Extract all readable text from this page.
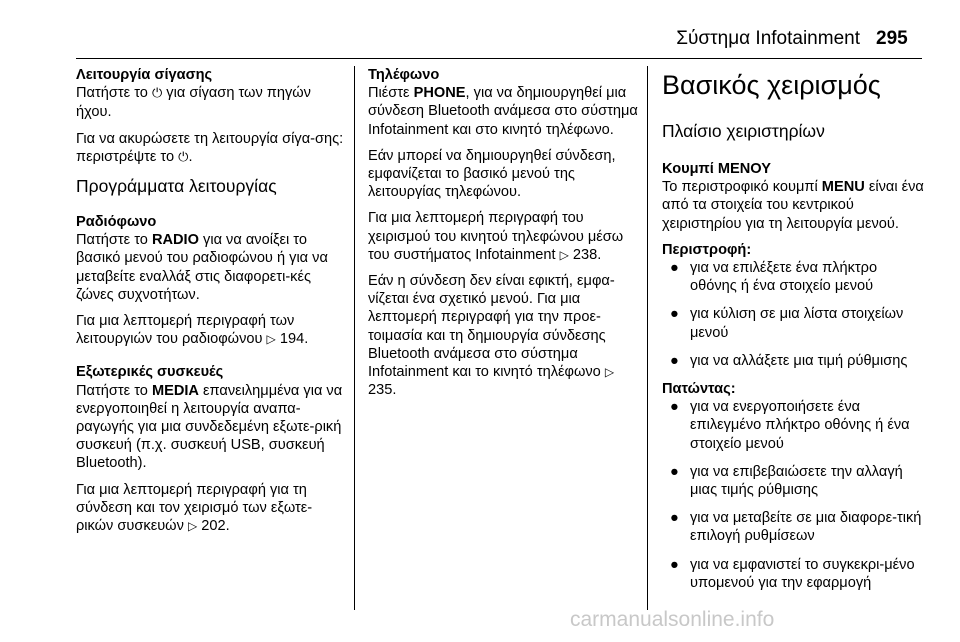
Σύστημα Infotainment 295

Λειτουργία σίγασης

Πατήστε το ⏻ για σίγαση των πηγών ήχου.

Για να ακυρώσετε τη λειτουργία σίγα-σης: περιστρέψτε το ⏻.

Προγράμματα λειτουργίας

Ραδιόφωνο

Πατήστε το RADIO για να ανοίξει το βασικό μενού του ραδιοφώνου ή για να μεταβείτε εναλλάξ στις διαφορετι-κές ζώνες συχνοτήτων.

Για μια λεπτομερή περιγραφή των λειτουργιών του ραδιοφώνου ▷ 194.

Εξωτερικές συσκευές

Πατήστε το MEDIA επανειλημμένα για να ενεργοποιηθεί η λειτουργία αναπα-ραγωγής για μια συνδεδεμένη εξωτε-ρική συσκευή (π.χ. συσκευή USB, συσκευή Bluetooth).

Για μια λεπτομερή περιγραφή για τη σύνδεση και τον χειρισμό των εξωτε-ρικών συσκευών ▷ 202.

Τηλέφωνο

Πιέστε PHONE, για να δημιουργηθεί μια σύνδεση Bluetooth ανάμεσα στο σύστημα Infotainment και στο κινητό τηλέφωνο.

Εάν μπορεί να δημιουργηθεί σύνδεση, εμφανίζεται το βασικό μενού της λειτουργίας τηλεφώνου.

Για μια λεπτομερή περιγραφή του χειρισμού του κινητού τηλεφώνου μέσω του συστήματος Infotainment ▷ 238.

Εάν η σύνδεση δεν είναι εφικτή, εμφα-νίζεται ένα σχετικό μενού. Για μια λεπτομερή περιγραφή για την προε-τοιμασία και τη δημιουργία σύνδεσης Bluetooth ανάμεσα στο σύστημα Infotainment και το κινητό τηλέφωνο ▷ 235.

Βασικός χειρισμός

Πλαίσιο χειριστηρίων

Κουμπί ΜΕΝΟΥ

Το περιστροφικό κουμπί MENU είναι ένα από τα στοιχεία του κεντρικού χειριστηρίου για τη λειτουργία μενού.

Περιστροφή:

● για να επιλέξετε ένα πλήκτρο οθόνης ή ένα στοιχείο μενού
● για κύλιση σε μια λίστα στοιχείων μενού
● για να αλλάξετε μια τιμή ρύθμισης

Πατώντας:

● για να ενεργοποιήσετε ένα επιλεγμένο πλήκτρο οθόνης ή ένα στοιχείο μενού
● για να επιβεβαιώσετε την αλλαγή μιας τιμής ρύθμισης
● για να μεταβείτε σε μια διαφορε-τική επιλογή ρυθμίσεων
● για να εμφανιστεί το συγκεκρι-μένο υπομενού για την εφαρμογή
carmanualsonline.info
